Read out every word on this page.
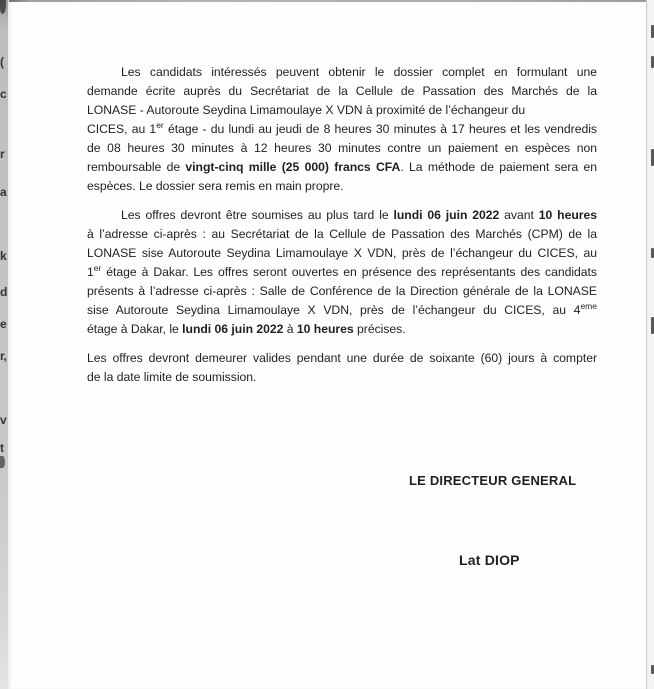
Les candidats intéressés peuvent obtenir le dossier complet en formulant une
demande écrite auprès du Secrétariat de la Cellule de Passation des Marchés de la
LONASE - Autoroute Seydina Limamoulaye X VDN à proximité de l’échangeur du
CICES, au 1er étage - du lundi au jeudi de 8 heures 30 minutes à 17 heures et les vendredis
de 08 heures 30 minutes à 12 heures 30 minutes contre un paiement en espèces non
remboursable de vingt-cinq mille (25 000) francs CFA. La méthode de paiement sera en
espèces. Le dossier sera remis en main propre.
Les offres devront être soumises au plus tard le lundi 06 juin 2022 avant 10 heures
à l’adresse ci-après : au Secrétariat de la Cellule de Passation des Marchés (CPM) de la
LONASE sise Autoroute Seydina Limamoulaye X VDN, près de l’échangeur du CICES, au
1er étage à Dakar. Les offres seront ouvertes en présence des représentants des candidats
présents à l’adresse ci-après : Salle de Conférence de la Direction générale de la LONASE
sise Autoroute Seydina Limamoulaye X VDN, près de l’échangeur du CICES, au 4eme
étage à Dakar, le lundi 06 juin 2022 à 10 heures précises.
Les offres devront demeurer valides pendant une durée de soixante (60) jours à compter
de la date limite de soumission.
LE DIRECTEUR GENERAL
Lat DIOP
(
c
r
a
k
d
e
r,
v
t
